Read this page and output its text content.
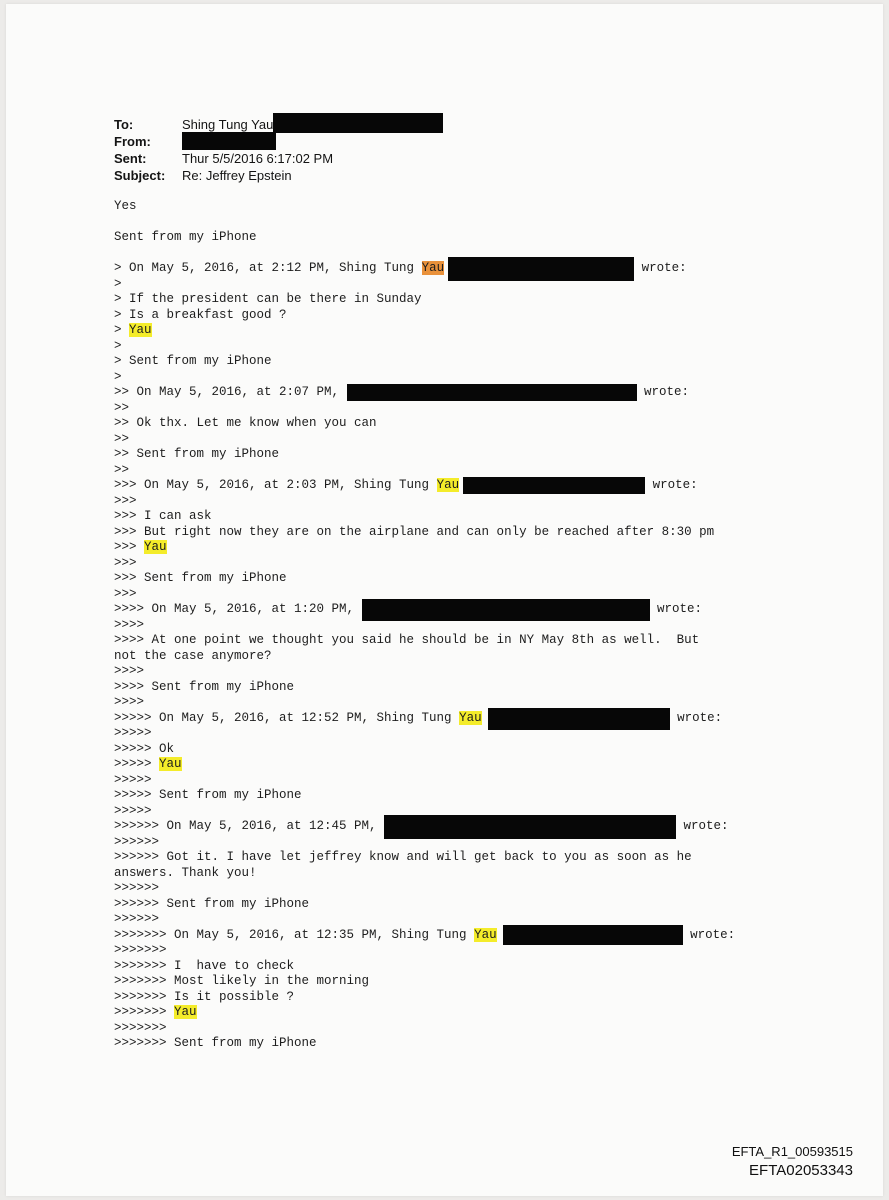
To:	Shing Tung Yau
From:
Sent:	Thur 5/5/2016 6:17:02 PM
Subject: Re: Jeffrey Epstein
Yes
Sent from my iPhone
> On May 5, 2016, at 2:12 PM, Shing Tung Yau	wrote:
>
> If the president can be there in Sunday
> Is a breakfast good ?
> Yau
>
> Sent from my iPhone
>
>> On May 5, 2016, at 2:07 PM,	wrote:
>>
>> Ok thx. Let me know when you can
>>
>> Sent from my iPhone
>>
>>> On May 5, 2016, at 2:03 PM, Shing Tung Yau	wrote:
>>>
>>> I can ask
>>> But right now they are on the airplane and can only be reached after 8:30 pm
>>> Yau
>>>
>>> Sent from my iPhone
>>>
>>>> On May 5, 2016, at 1:20 PM,	wrote:
>>>>
>>>> At one point we thought you said he should be in NY May 8th as well.  But
not the case anymore?
>>>>
>>>> Sent from my iPhone
>>>>
>>>>> On May 5, 2016, at 12:52 PM, Shing Tung Yau	wrote:
>>>>>
>>>>> Ok
>>>>> Yau
>>>>>
>>>>> Sent from my iPhone
>>>>>
>>>>>> On May 5, 2016, at 12:45 PM,	wrote:
>>>>>>
>>>>>> Got it. I have let jeffrey know and will get back to you as soon as he
answers. Thank you!
>>>>>>
>>>>>> Sent from my iPhone
>>>>>>
>>>>>>> On May 5, 2016, at 12:35 PM, Shing Tung Yau	wrote:
>>>>>>>
>>>>>>> I  have to check
>>>>>>> Most likely in the morning
>>>>>>> Is it possible ?
>>>>>>> Yau
>>>>>>>
>>>>>>> Sent from my iPhone
EFTA_R1_00593515
EFTA02053343
